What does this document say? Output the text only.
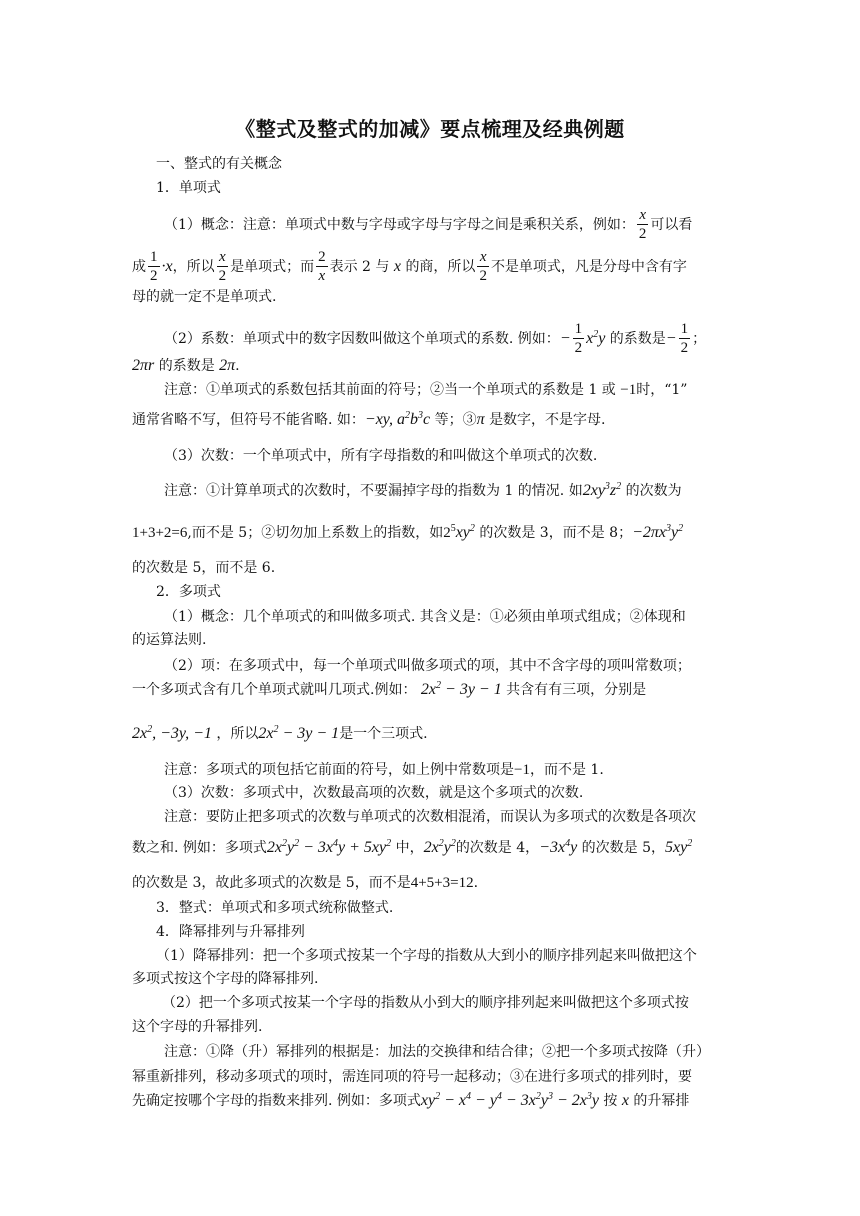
《整式及整式的加减》要点梳理及经典例题
一、整式的有关概念
1．单项式
（1）概念：注意：单项式中数与字母或字母与字母之间是乘积关系，例如： $\frac{x}{2}$ 可以看
成 $\frac{1}{2} \cdot x$，所以 $\frac{x}{2}$ 是单项式；而 $\frac{2}{x}$ 表示 2 与 x 的商，所以 $\frac{x}{2}$ 不是单项式，凡是分母中含有字
母的就一定不是单项式.
（2）系数：单项式中的数字因数叫做这个单项式的系数. 例如：− $\frac{1}{2} x^2y$ 的系数是− $\frac{1}{2}$ ；
2πr 的系数是 2π.
注意：①单项式的系数包括其前面的符号；②当一个单项式的系数是 1 或 −1时，“1”
通常省略不写，但符号不能省略. 如：−xy, $a^2b^3c$ 等；③π 是数字，不是字母.
（3）次数：一个单项式中，所有字母指数的和叫做这个单项式的次数.
注意：①计算单项式的次数时，不要漏掉字母的指数为 1 的情况. 如$2xy^3z^2$ 的次数为
1+3+2=6,而不是 5；②切勿加上系数上的指数，如$2^5xy^2$ 的次数是 3，而不是 8；$-2\pi x^3y^2$
的次数是 5，而不是 6.
2．多项式
（1）概念：几个单项式的和叫做多项式. 其含义是：①必须由单项式组成；②体现和
的运算法则.
（2）项：在多项式中，每一个单项式叫做多项式的项，其中不含字母的项叫常数项；
一个多项式含有几个单项式就叫几项式.例如： $2x^2 - 3y - 1$ 共含有有三项，分别是
$2x^2$, −3y, −1 ，所以$2x^2 - 3y - 1$是一个三项式.
注意：多项式的项包括它前面的符号，如上例中常数项是−1，而不是 1.
（3）次数：多项式中，次数最高项的次数，就是这个多项式的次数.
注意：要防止把多项式的次数与单项式的次数相混淆，而误认为多项式的次数是各项次
数之和. 例如：多项式$2x^2y^2 - 3x^4y + 5xy^2$ 中，$2x^2y^2$的次数是 4，$-3x^4y$ 的次数是 5，$5xy^2$
的次数是 3，故此多项式的次数是 5，而不是4+5+3=12.
3．整式：单项式和多项式统称做整式.
4．降幂排列与升幂排列
（1）降幂排列：把一个多项式按某一个字母的指数从大到小的顺序排列起来叫做把这个
多项式按这个字母的降幂排列.
（2）把一个多项式按某一个字母的指数从小到大的顺序排列起来叫做把这个多项式按
这个字母的升幂排列.
注意：①降（升）幂排列的根据是：加法的交换律和结合律；②把一个多项式按降（升）
幂重新排列，移动多项式的项时，需连同项的符号一起移动；③在进行多项式的排列时，要
先确定按哪个字母的指数来排列. 例如：多项式$xy^2 - x^4 - y^4 - 3x^2y^3 - 2x^3y$ 按 x 的升幂排
